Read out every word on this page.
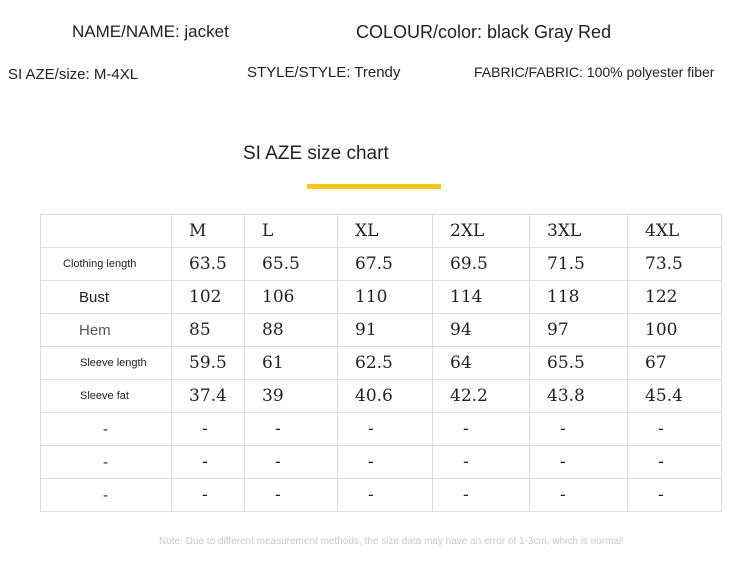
NAME/NAME: jacket	COLOUR/color: black Gray Red
SI AZE/size: M-4XL	STYLE/STYLE: Trendy	FABRIC/FABRIC: 100% polyester fiber
SI AZE size chart
	M	L	XL	2XL	3XL	4XL
Clothing length	63.5	65.5	67.5	69.5	71.5	73.5
Bust	102	106	110	114	118	122
Hem	85	88	91	94	97	100
Sleeve length	59.5	61	62.5	64	65.5	67
Sleeve fat	37.4	39	40.6	42.2	43.8	45.4
-	-	-	-	-	-	-
-	-	-	-	-	-	-
-	-	-	-	-	-	-
Note: Due to different measurement methods, the size data may have an error of 1-3cm, which is normal!
